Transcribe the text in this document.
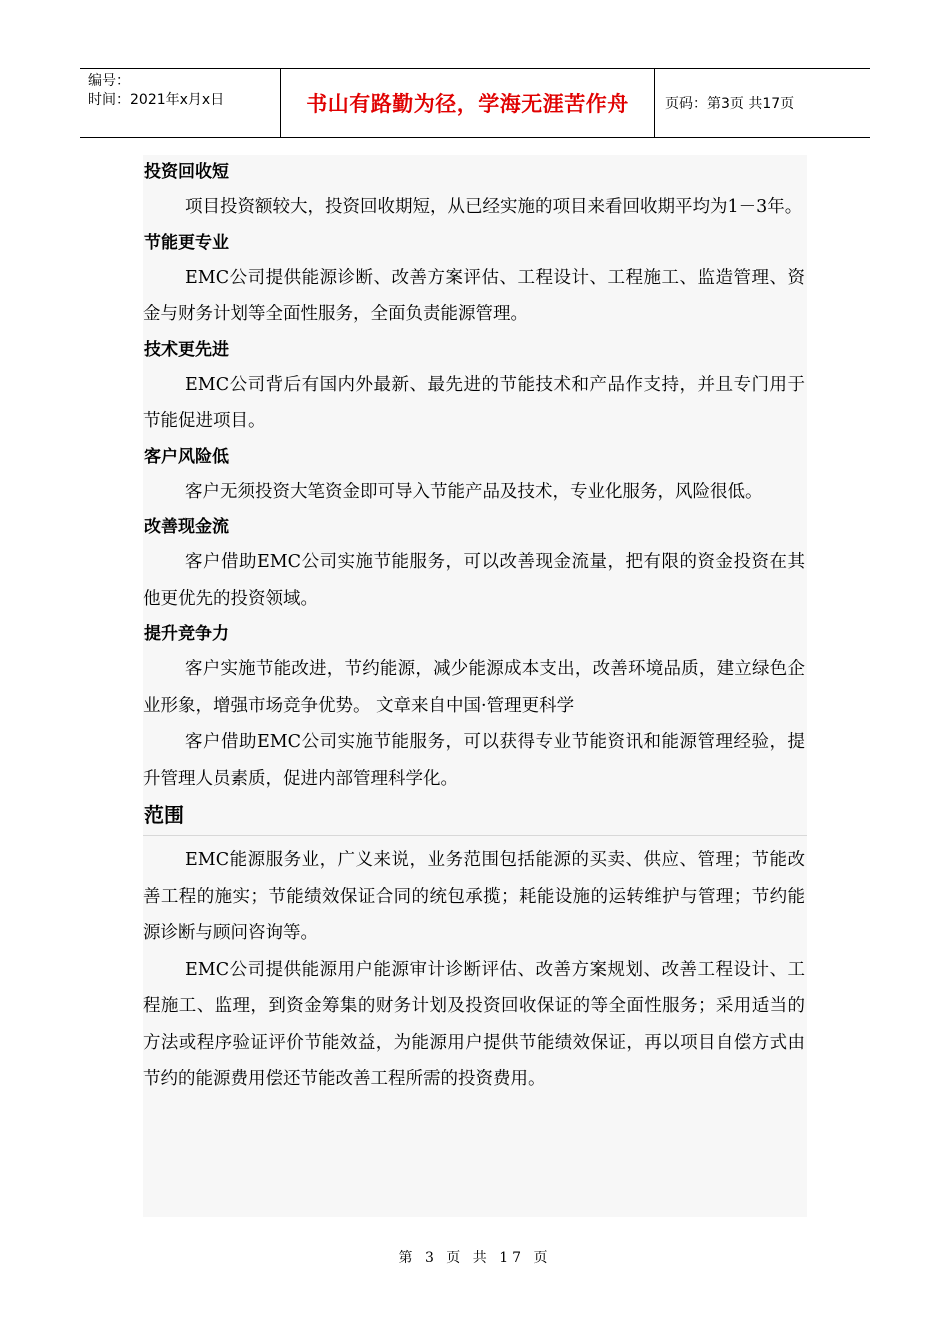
编号：
时间：2021年x月x日	书山有路勤为径，学海无涯苦作舟	页码：第3页 共17页
投资回收短

项目投资额较大，投资回收期短，从已经实施的项目来看回收期平均为1－3年。

节能更专业

EMC公司提供能源诊断、改善方案评估、工程设计、工程施工、监造管理、资金与财务计划等全面性服务，全面负责能源管理。

技术更先进

EMC公司背后有国内外最新、最先进的节能技术和产品作支持，并且专门用于节能促进项目。

客户风险低

客户无须投资大笔资金即可导入节能产品及技术，专业化服务，风险很低。

改善现金流

客户借助EMC公司实施节能服务，可以改善现金流量，把有限的资金投资在其他更优先的投资领域。

提升竞争力

客户实施节能改进，节约能源，减少能源成本支出，改善环境品质，建立绿色企业形象，增强市场竞争优势。 文章来自中国·管理更科学

客户借助EMC公司实施节能服务，可以获得专业节能资讯和能源管理经验，提升管理人员素质，促进内部管理科学化。

范围

EMC能源服务业，广义来说，业务范围包括能源的买卖、供应、管理；节能改善工程的施实；节能绩效保证合同的统包承揽；耗能设施的运转维护与管理；节约能源诊断与顾问咨询等。

EMC公司提供能源用户能源审计诊断评估、改善方案规划、改善工程设计、工程施工、监理，到资金筹集的财务计划及投资回收保证的等全面性服务；采用适当的方法或程序验证评价节能效益，为能源用户提供节能绩效保证，再以项目自偿方式由节约的能源费用偿还节能改善工程所需的投资费用。

第 3 页 共 17 页
